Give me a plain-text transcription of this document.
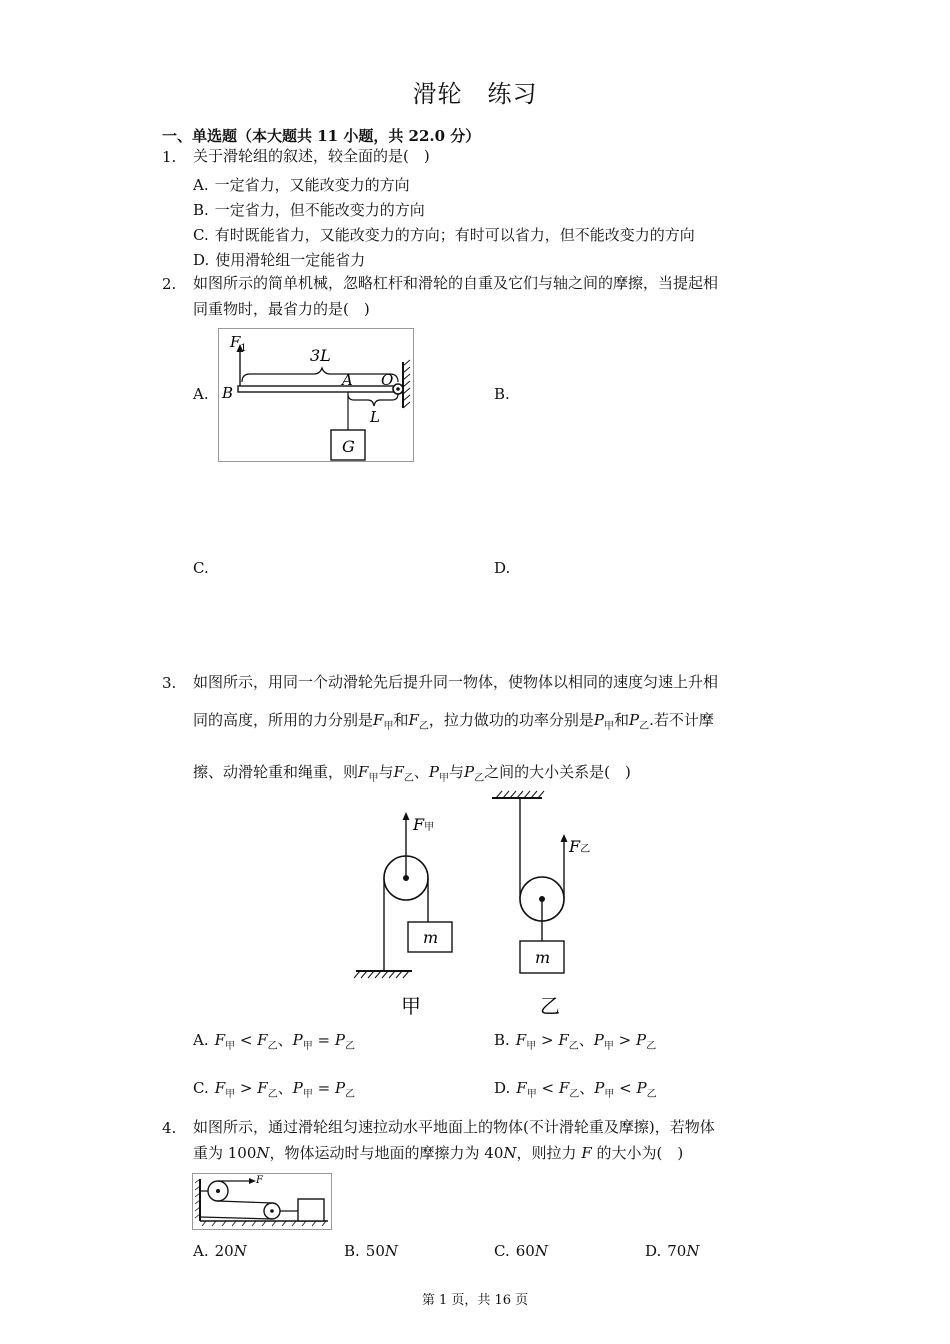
滑轮　练习
一、单选题（本大题共 11 小题，共 22.0 分）
1. 关于滑轮组的叙述，较全面的是(　)
A. 一定省力，又能改变力的方向
B. 一定省力，但不能改变力的方向
C. 有时既能省力，又能改变力的方向；有时可以省力，但不能改变力的方向
D. 使用滑轮组一定能省力
2. 如图所示的简单机械，忽略杠杆和滑轮的自重及它们与轴之间的摩擦，当提起相
同重物时，最省力的是(　)
A.
$F_1$	3L
L
B
A O
G
B.
C.	D.
3. 如图所示，用同一个动滑轮先后提升同一物体，使物体以相同的速度匀速上升相
同的高度，所用的力分别是$F_甲$和$F_乙$，拉力做功的功率分别是$P_甲$和$P_乙$.若不计摩
擦、动滑轮重和绳重，则$F_甲$与$F_乙$、$P_甲$与$P_乙$之间的大小关系是(　)
F甲
m
甲
F乙
m
乙
A. $F_甲 < F_乙$、$P_甲 = P_乙$	B. $F_甲 > F_乙$、$P_甲 > P_乙$
C. $F_甲 > F_乙$、$P_甲 = P_乙$	D. $F_甲 < F_乙$、$P_甲 < P_乙$
4. 如图所示，通过滑轮组匀速拉动水平地面上的物体(不计滑轮重及摩擦)，若物体
重为 100N，物体运动时与地面的摩擦力为 40N，则拉力 F 的大小为(　)
F
A. 20N	B. 50N	C. 60N	D. 70N
第 1 页，共 16 页
